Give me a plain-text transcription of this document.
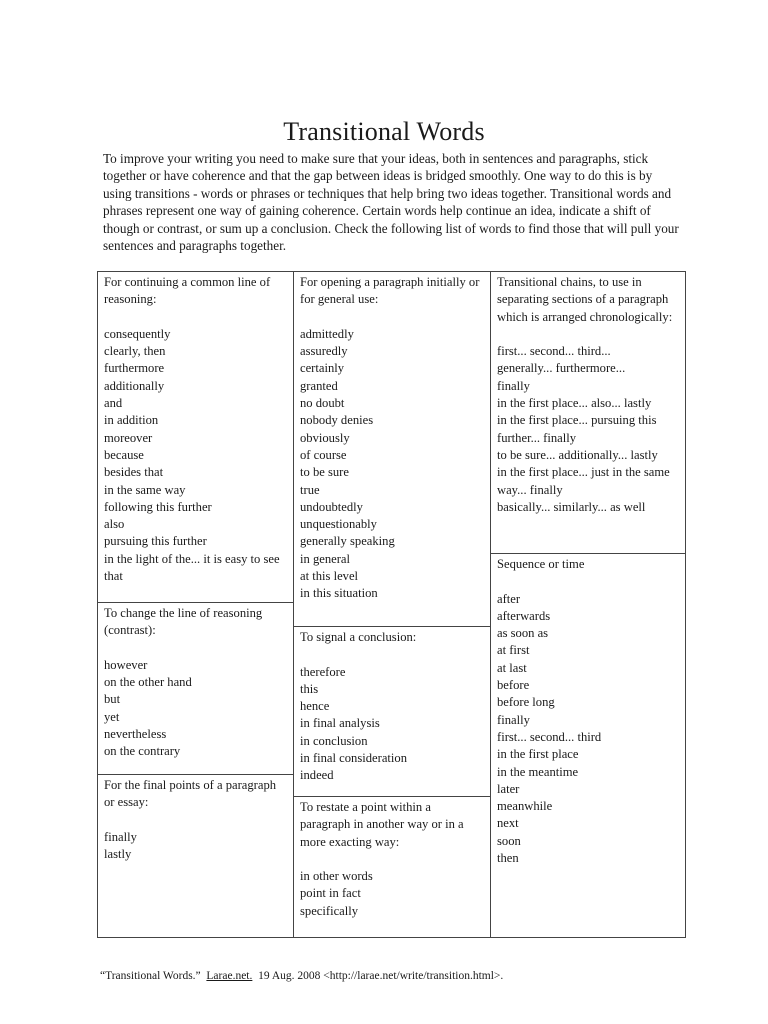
Transitional Words

To improve your writing you need to make sure that your ideas, both in sentences and paragraphs, stick together or have coherence and that the gap between ideas is bridged smoothly. One way to do this is by using transitions - words or phrases or techniques that help bring two ideas together. Transitional words and phrases represent one way of gaining coherence. Certain words help continue an idea, indicate a shift of though or contrast, or sum up a conclusion. Check the following list of words to find those that will pull your sentences and paragraphs together.

For continuing a common line of reasoning:
consequently
clearly, then
furthermore
additionally
and
in addition
moreover
because
besides that
in the same way
following this further
also
pursuing this further
in the light of the... it is easy to see that
To change the line of reasoning (contrast):
however
on the other hand
but
yet
nevertheless
on the contrary
For the final points of a paragraph or essay:
finally
lastly
For opening a paragraph initially or for general use:
admittedly
assuredly
certainly
granted
no doubt
nobody denies
obviously
of course
to be sure
true
undoubtedly
unquestionably
generally speaking
in general
at this level
in this situation
To signal a conclusion:
therefore
this
hence
in final analysis
in conclusion
in final consideration
indeed
To restate a point within a paragraph in another way or in a more exacting way:
in other words
point in fact
specifically
Transitional chains, to use in separating sections of a paragraph which is arranged chronologically:
first... second... third...
generally... furthermore...
finally
in the first place... also... lastly
in the first place... pursuing this further... finally
to be sure... additionally... lastly
in the first place... just in the same way... finally
basically... similarly... as well
Sequence or time
after
afterwards
as soon as
at first
at last
before
before long
finally
first... second... third
in the first place
in the meantime
later
meanwhile
next
soon
then
“Transitional Words.” Larae.net. 19 Aug. 2008 <http://larae.net/write/transition.html>.
